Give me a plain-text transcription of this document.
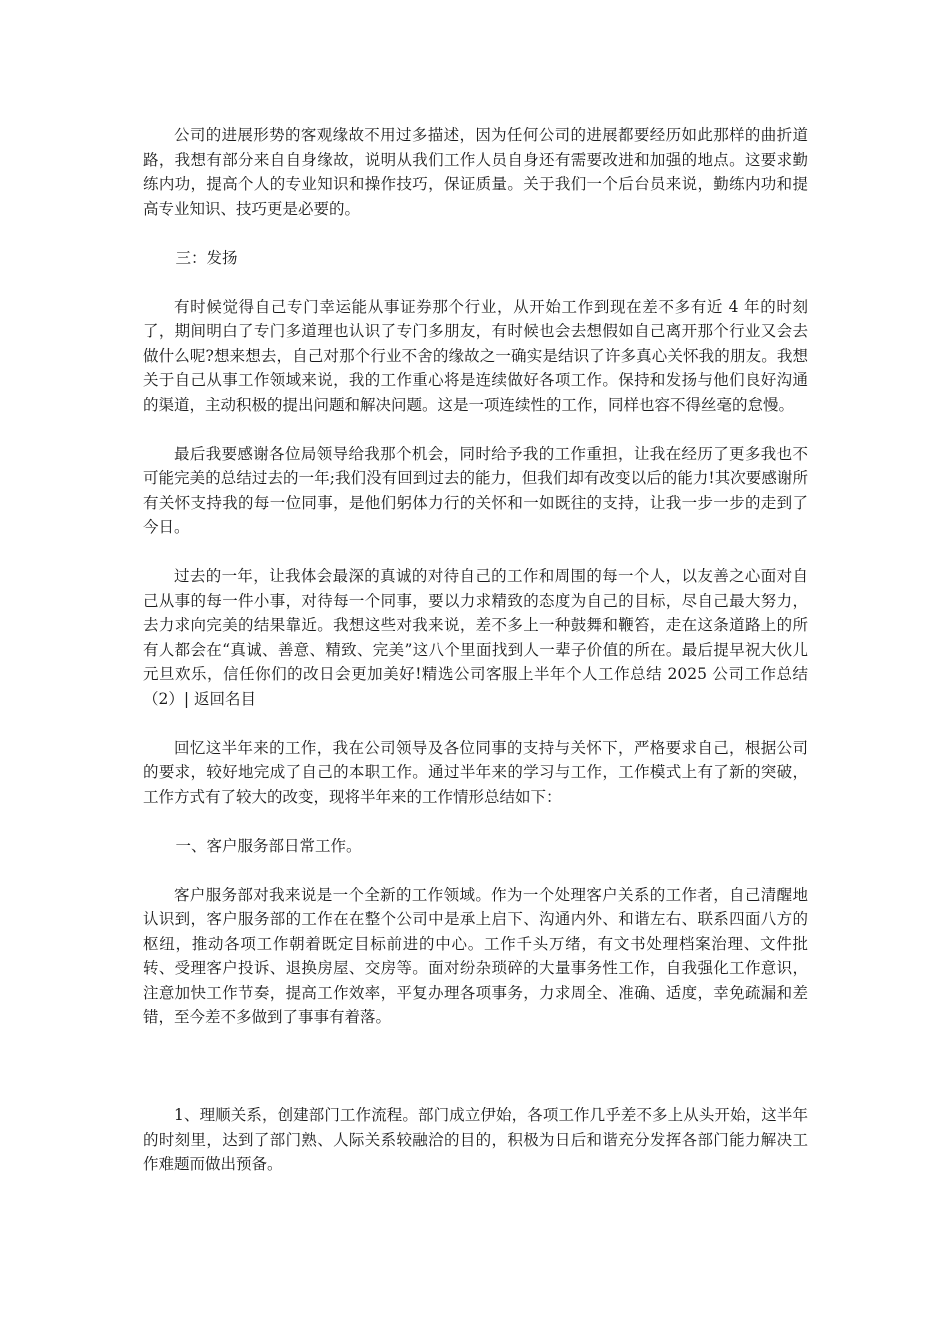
公司的进展形势的客观缘故不用过多描述，因为任何公司的进展都要经历如此那样的曲折道路，我想有部分来自自身缘故，说明从我们工作人员自身还有需要改进和加强的地点。这要求勤练内功，提高个人的专业知识和操作技巧，保证质量。关于我们一个后台员来说，勤练内功和提高专业知识、技巧更是必要的。

三：发扬

有时候觉得自己专门幸运能从事证券那个行业，从开始工作到现在差不多有近 4 年的时刻了，期间明白了专门多道理也认识了专门多朋友，有时候也会去想假如自己离开那个行业又会去做什么呢?想来想去，自己对那个行业不舍的缘故之一确实是结识了许多真心关怀我的朋友。我想关于自己从事工作领域来说，我的工作重心将是连续做好各项工作。保持和发扬与他们良好沟通的渠道，主动积极的提出问题和解决问题。这是一项连续性的工作，同样也容不得丝毫的怠慢。

最后我要感谢各位局领导给我那个机会，同时给予我的工作重担，让我在经历了更多我也不可能完美的总结过去的一年;我们没有回到过去的能力，但我们却有改变以后的能力!其次要感谢所有关怀支持我的每一位同事，是他们躬体力行的关怀和一如既往的支持，让我一步一步的走到了今日。

过去的一年，让我体会最深的真诚的对待自己的工作和周围的每一个人，以友善之心面对自己从事的每一件小事，对待每一个同事，要以力求精致的态度为自己的目标，尽自己最大努力，去力求向完美的结果靠近。我想这些对我来说，差不多上一种鼓舞和鞭笞，走在这条道路上的所有人都会在“真诚、善意、精致、完美”这八个里面找到人一辈子价值的所在。最后提早祝大伙儿元旦欢乐，信任你们的改日会更加美好!精选公司客服上半年个人工作总结 2025 公司工作总结（2）| 返回名目

回忆这半年来的工作，我在公司领导及各位同事的支持与关怀下，严格要求自己，根据公司的要求，较好地完成了自己的本职工作。通过半年来的学习与工作，工作模式上有了新的突破，工作方式有了较大的改变，现将半年来的工作情形总结如下：

一、客户服务部日常工作。

客户服务部对我来说是一个全新的工作领域。作为一个处理客户关系的工作者，自己清醒地认识到，客户服务部的工作在在整个公司中是承上启下、沟通内外、和谐左右、联系四面八方的枢纽，推动各项工作朝着既定目标前进的中心。工作千头万绪，有文书处理档案治理、文件批转、受理客户投诉、退换房屋、交房等。面对纷杂琐碎的大量事务性工作，自我强化工作意识，注意加快工作节奏，提高工作效率，平复办理各项事务，力求周全、准确、适度，幸免疏漏和差错，至今差不多做到了事事有着落。

1、理顺关系，创建部门工作流程。部门成立伊始，各项工作几乎差不多上从头开始，这半年的时刻里，达到了部门熟、人际关系较融洽的目的，积极为日后和谐充分发挥各部门能力解决工作难题而做出预备。
